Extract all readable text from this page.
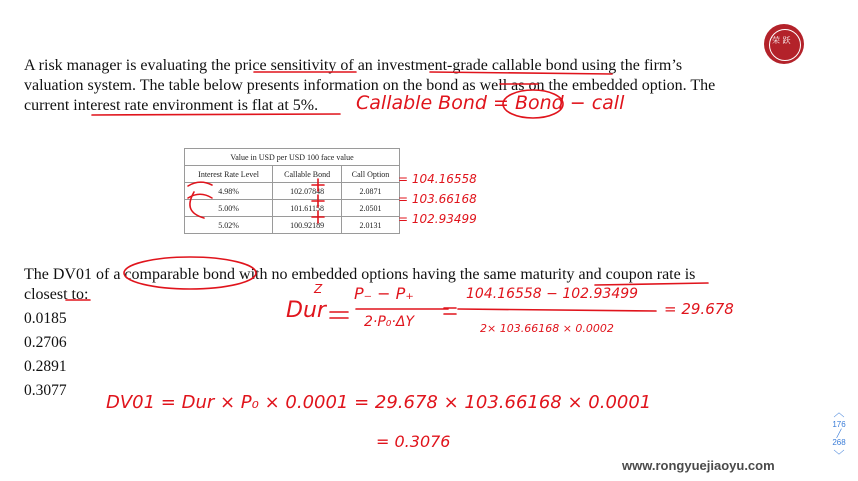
荣 跃
A risk manager is evaluating the price sensitivity of an investment-grade callable bond using the firm’s
valuation system. The table below presents information on the bond as well as on the embedded option. The
current interest rate environment is flat at 5%.
Value in USD per USD 100 face value		
Interest Rate Level	Callable Bond	Call Option
4.98%	102.07848	2.0871
5.00%	101.61158	2.0501
5.02%	100.92189	2.0131
The DV01 of a comparable bond with no embedded options having the same maturity and coupon rate is
closest to:
0.0185
0.2706
0.2891
0.3077
Callable Bond = Bond − call
= 104.16558
= 103.66168
= 102.93499
Dur
Z P₋ − P₊
2·P₀·ΔY
104.16558 − 102.93499
2× 103.66168 × 0.0002
= 29.678
DV01 = Dur × P₀ × 0.0001 = 29.678 × 103.66168 × 0.0001
= 0.3076
www.rongyuejiaoyu.com
︿
176
╱
268
﹀
